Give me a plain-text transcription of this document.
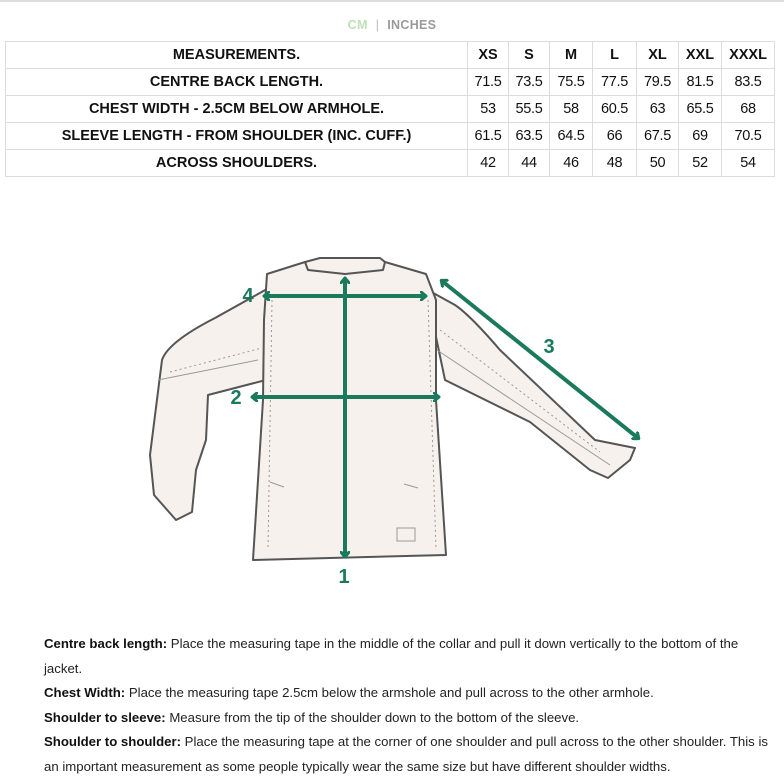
CM | INCHES
MEASUREMENTS.	XS	S	M	L	XL	XXL	XXXL
CENTRE BACK LENGTH.	71.5	73.5	75.5	77.5	79.5	81.5	83.5
CHEST WIDTH - 2.5CM BELOW ARMHOLE.	53	55.5	58	60.5	63	65.5	68
SLEEVE LENGTH - FROM SHOULDER (INC. CUFF.)	61.5	63.5	64.5	66	67.5	69	70.5
ACROSS SHOULDERS.	42	44	46	48	50	52	54
1
2
3
4

Centre back length: Place the measuring tape in the middle of the collar and pull it down vertically to the bottom of the jacket.

Chest Width: Place the measuring tape 2.5cm below the armshole and pull across to the other armhole.

Shoulder to sleeve: Measure from the tip of the shoulder down to the bottom of the sleeve.

Shoulder to shoulder: Place the measuring tape at the corner of one shoulder and pull across to the other shoulder. This is an important measurement as some people typically wear the same size but have different shoulder widths.
